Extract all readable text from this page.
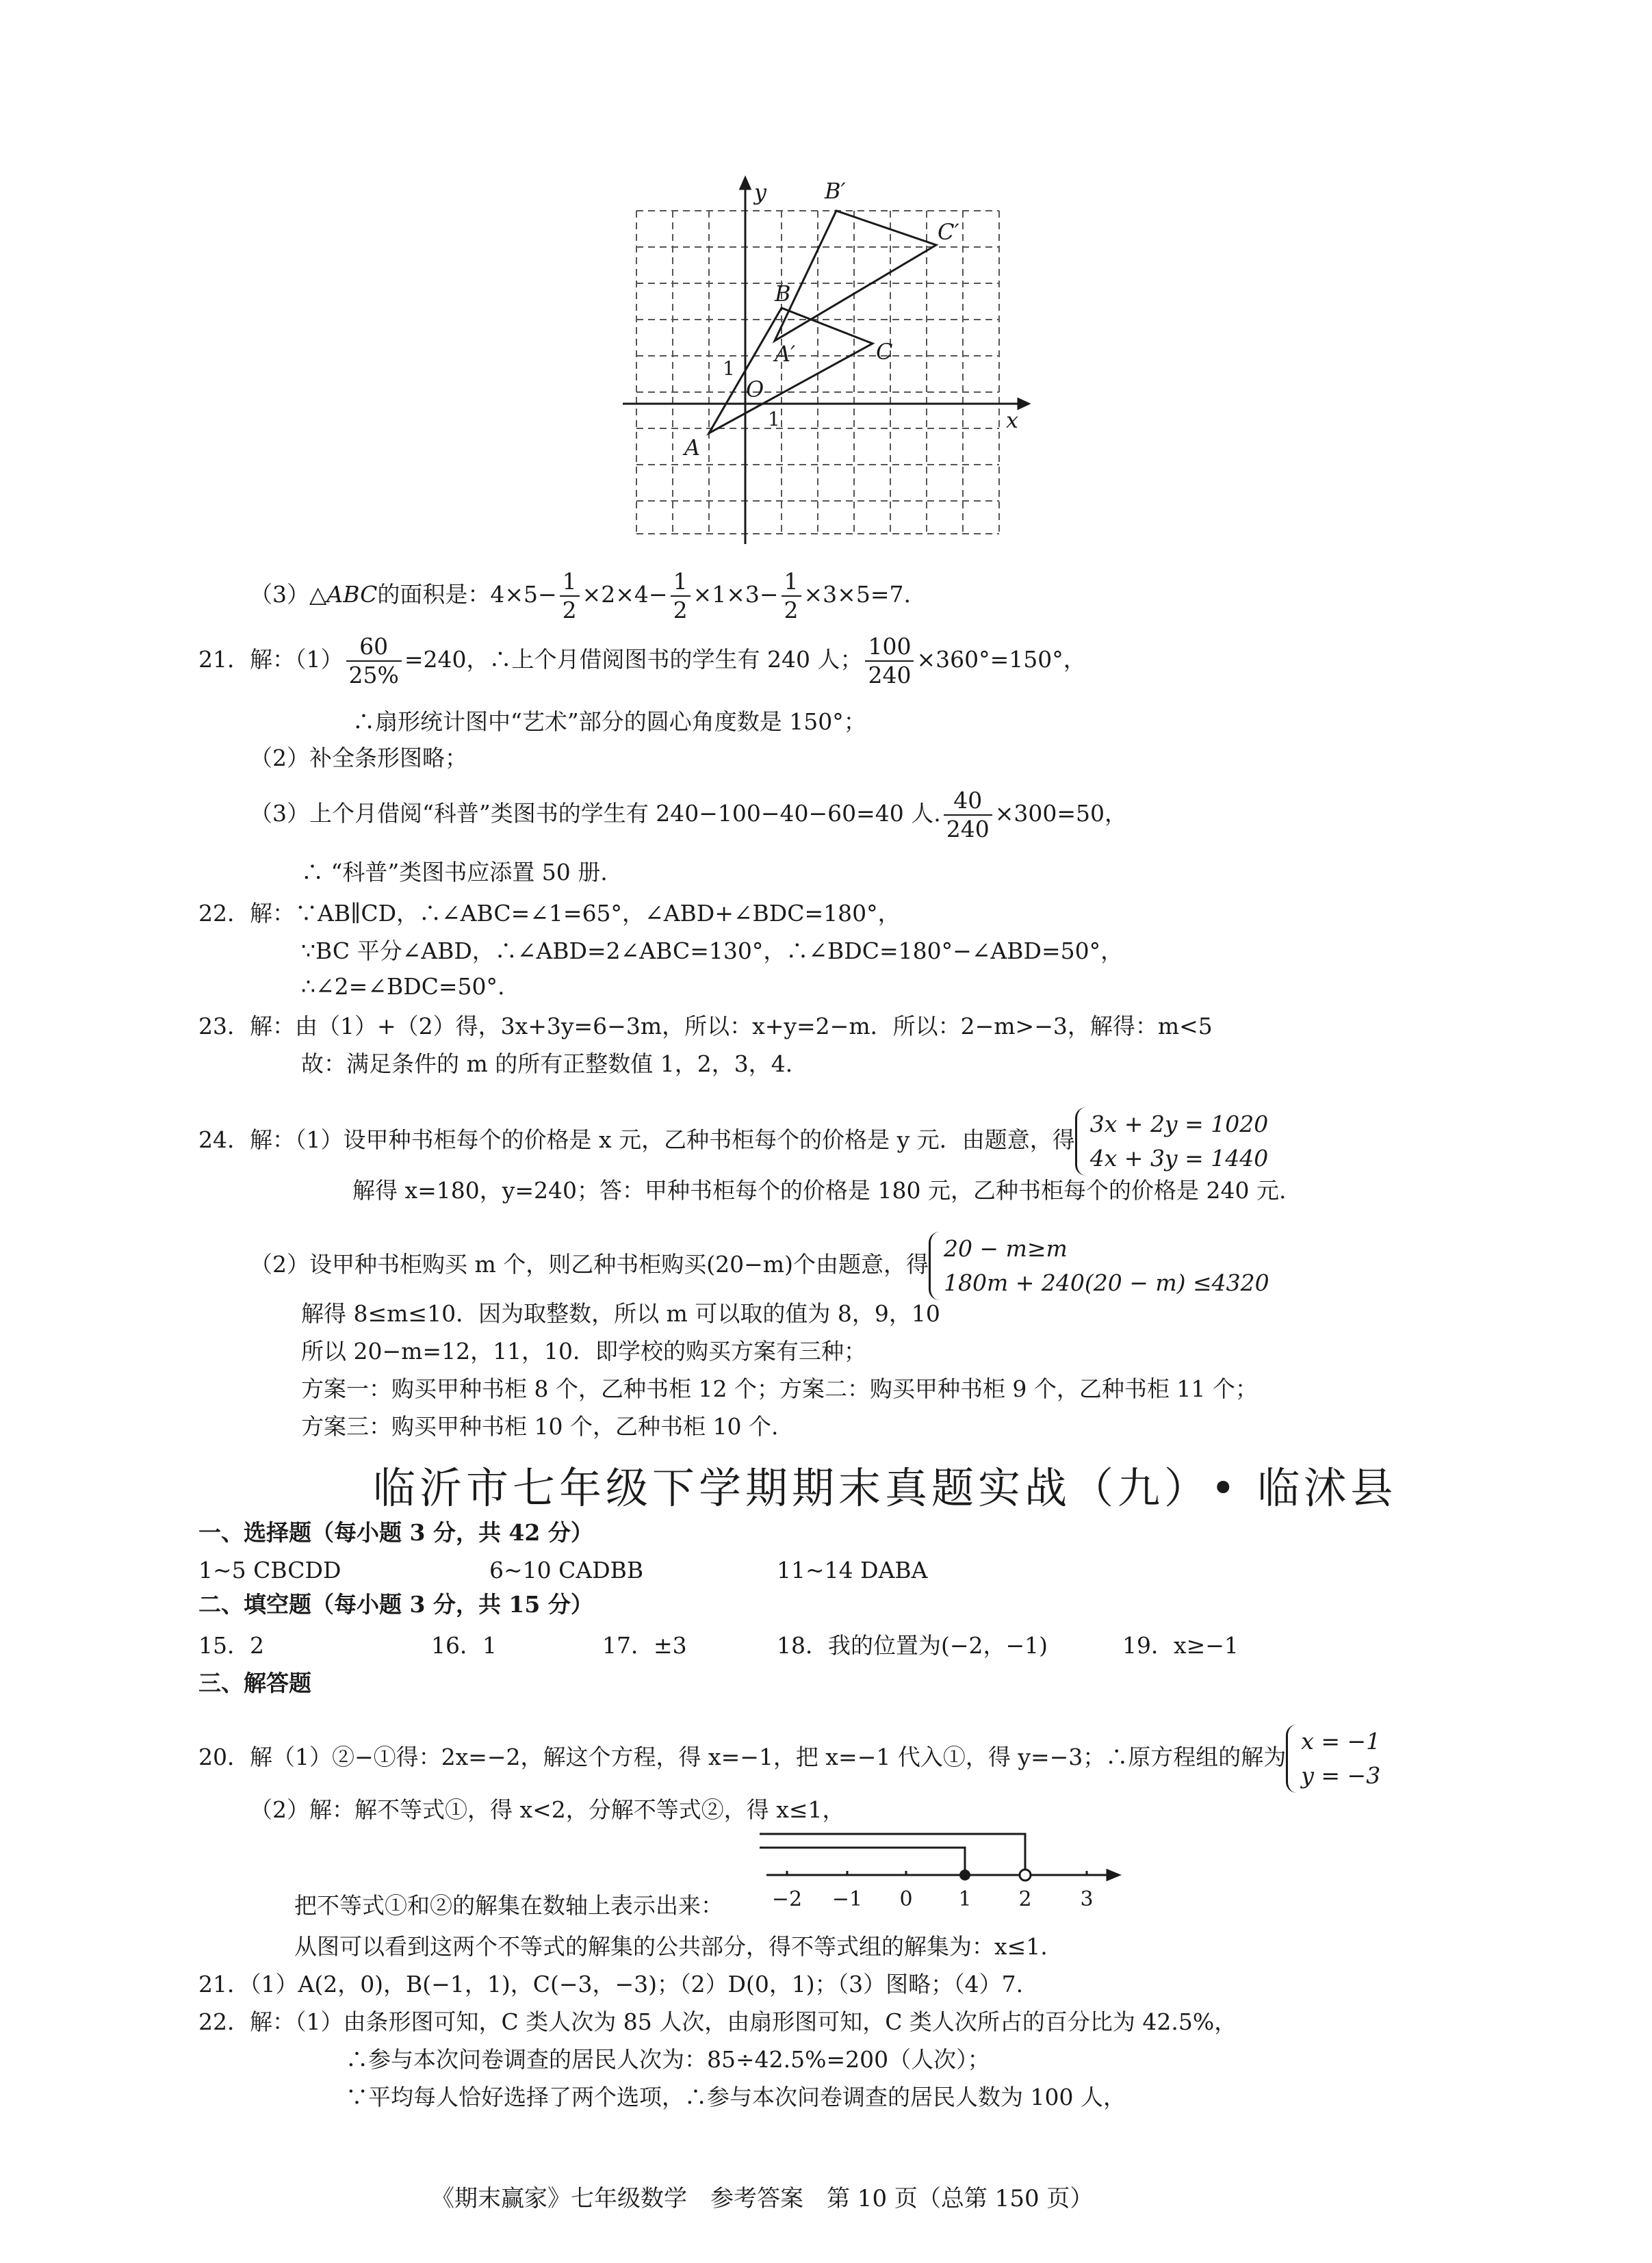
x
y
O
A
B
C
A′
B′
C′
1
1
（3）△ABC的面积是：$4\times 5- \frac{1}{2} \times 2\times 4- \frac{1}{2} \times 1\times 3- \frac{1}{2} \times 3\times 5=7$.
21．解：$(1) \frac{60}{25\%} =240$，∴上个月借阅图书的学生有 240 人； $\frac{100}{240} \times 360^\circ=150^\circ$，
∴扇形统计图中“艺术”部分的圆心角度数是 150°；
（2）补全条形图略；
（3）上个月借阅“科普”类图书的学生有 240−100−40−60=40 人. $\frac{40}{240} \times 300=50$，
∴ “科普”类图书应添置 50 册.
22．解：∵AB∥CD，∴∠ABC=∠1=65°，∠ABD+∠BDC=180°，
∵BC 平分∠ABD，∴∠ABD=2∠ABC=130°，∴∠BDC=180°−∠ABD=50°，
∴∠2=∠BDC=50°.
23．解：由（1）+（2）得，3x+3y=6−3m，所以：x+y=2−m．所以：2−m>−3，解得：m<5
故：满足条件的 m 的所有正整数值 1，2，3，4.
24．解：（1）设甲种书柜每个的价格是 x 元，乙种书柜每个的价格是 y 元．由题意，得
3x + 2y = 1020
4x + 3y = 1440
解得 x=180，y=240；答：甲种书柜每个的价格是 180 元，乙种书柜每个的价格是 240 元.
（2）设甲种书柜购买 m 个，则乙种书柜购买(20−m)个由题意，得
20 − m≥m
180m + 240(20 − m) ≤4320
解得 8≤m≤10．因为取整数，所以 m 可以取的值为 8，9，10
所以 20−m=12，11，10．即学校的购买方案有三种；
方案一：购买甲种书柜 8 个，乙种书柜 12 个；方案二：购买甲种书柜 9 个，乙种书柜 11 个；
方案三：购买甲种书柜 10 个，乙种书柜 10 个.
临沂市七年级下学期期末真题实战（九）• 临沭县
一、选择题（每小题 3 分，共 42 分）
1~5 CBCDD	6~10 CADBB	11~14 DABA
二、填空题（每小题 3 分，共 15 分）
15．2	16．1	17．±3	18．我的位置为(−2，−1)	19．x≥−1
三、解答题
20．解（1）②−①得：2x=−2，解这个方程，得 x=−1，把 x=−1 代入①，得 y=−3；∴原方程组的解为
x = −1
y = −3
（2）解：解不等式①，得 x<2，分解不等式②，得 x≤1，
−2 −1 0 1 2 3
把不等式①和②的解集在数轴上表示出来：
从图可以看到这两个不等式的解集的公共部分，得不等式组的解集为：x≤1.
21．（1）A(2，0)，B(−1，1)，C(−3，−3)；（2）D(0，1)；（3）图略；（4）7.
22．解：（1）由条形图可知，C 类人次为 85 人次，由扇形图可知，C 类人次所占的百分比为 42.5%，
∴参与本次问卷调查的居民人次为：85÷42.5%=200（人次）；
∵平均每人恰好选择了两个选项，∴参与本次问卷调查的居民人数为 100 人，
《期末赢家》七年级数学　参考答案　第 10 页（总第 150 页）
